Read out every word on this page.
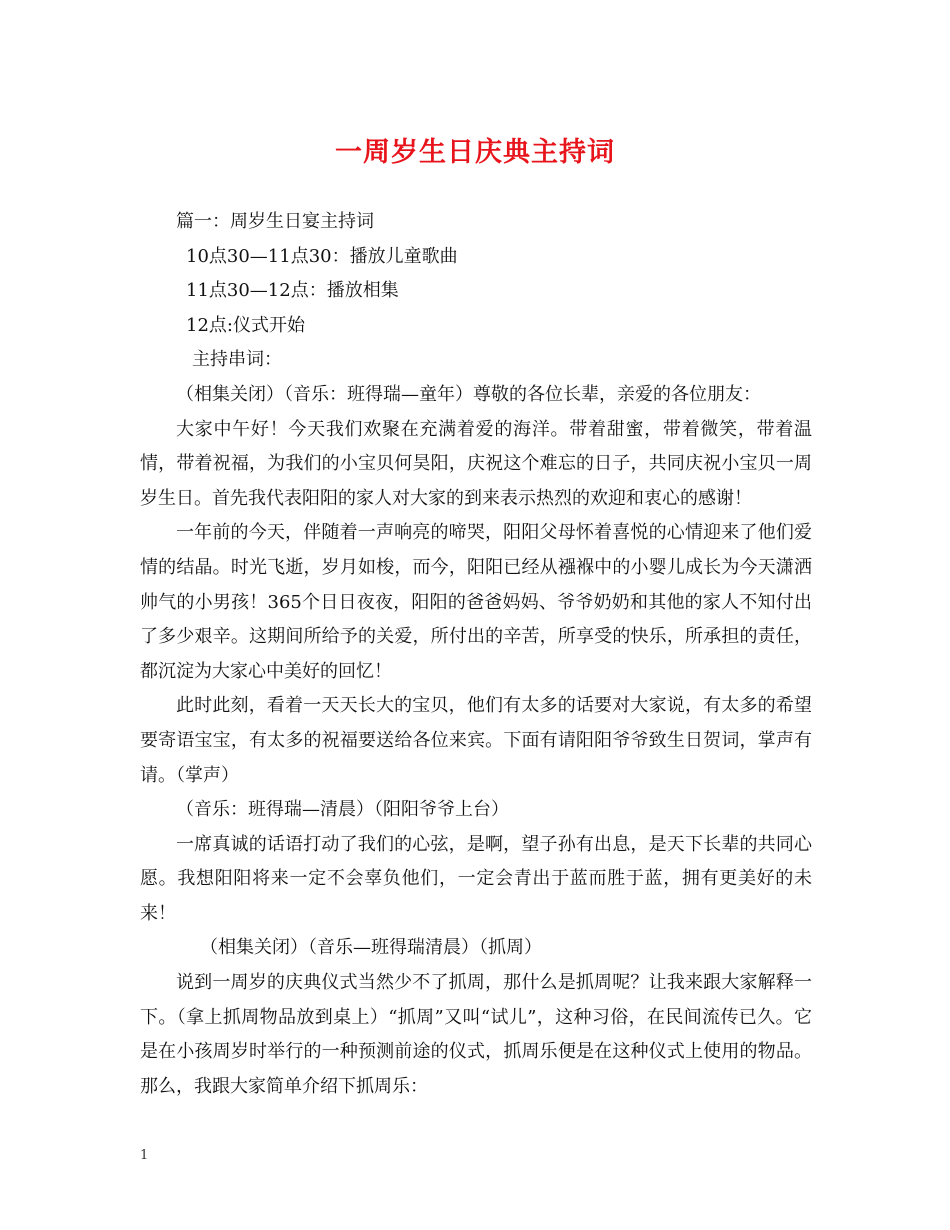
一周岁生日庆典主持词

篇一：周岁生日宴主持词

10点30—11点30：播放儿童歌曲

11点30—12点：播放相集

12点:仪式开始

主持串词：

（相集关闭）（音乐：班得瑞—童年）尊敬的各位长辈，亲爱的各位朋友：

大家中午好！今天我们欢聚在充满着爱的海洋。带着甜蜜，带着微笑，带着温情，带着祝福，为我们的小宝贝何昊阳，庆祝这个难忘的日子，共同庆祝小宝贝一周岁生日。首先我代表阳阳的家人对大家的到来表示热烈的欢迎和衷心的感谢！

一年前的今天，伴随着一声响亮的啼哭，阳阳父母怀着喜悦的心情迎来了他们爱情的结晶。时光飞逝，岁月如梭，而今，阳阳已经从襁褓中的小婴儿成长为今天潇洒帅气的小男孩！365个日日夜夜，阳阳的爸爸妈妈、爷爷奶奶和其他的家人不知付出了多少艰辛。这期间所给予的关爱，所付出的辛苦，所享受的快乐，所承担的责任，都沉淀为大家心中美好的回忆！

此时此刻，看着一天天长大的宝贝，他们有太多的话要对大家说，有太多的希望要寄语宝宝，有太多的祝福要送给各位来宾。下面有请阳阳爷爷致生日贺词，掌声有请。（掌声）

（音乐：班得瑞—清晨）（阳阳爷爷上台）

一席真诚的话语打动了我们的心弦，是啊，望子孙有出息，是天下长辈的共同心愿。我想阳阳将来一定不会辜负他们，一定会青出于蓝而胜于蓝，拥有更美好的未来！

（相集关闭）（音乐—班得瑞清晨）（抓周）

说到一周岁的庆典仪式当然少不了抓周，那什么是抓周呢？让我来跟大家解释一下。（拿上抓周物品放到桌上）“抓周”又叫“试儿”，这种习俗，在民间流传已久。它是在小孩周岁时举行的一种预测前途的仪式，抓周乐便是在这种仪式上使用的物品。那么，我跟大家简单介绍下抓周乐：

1
